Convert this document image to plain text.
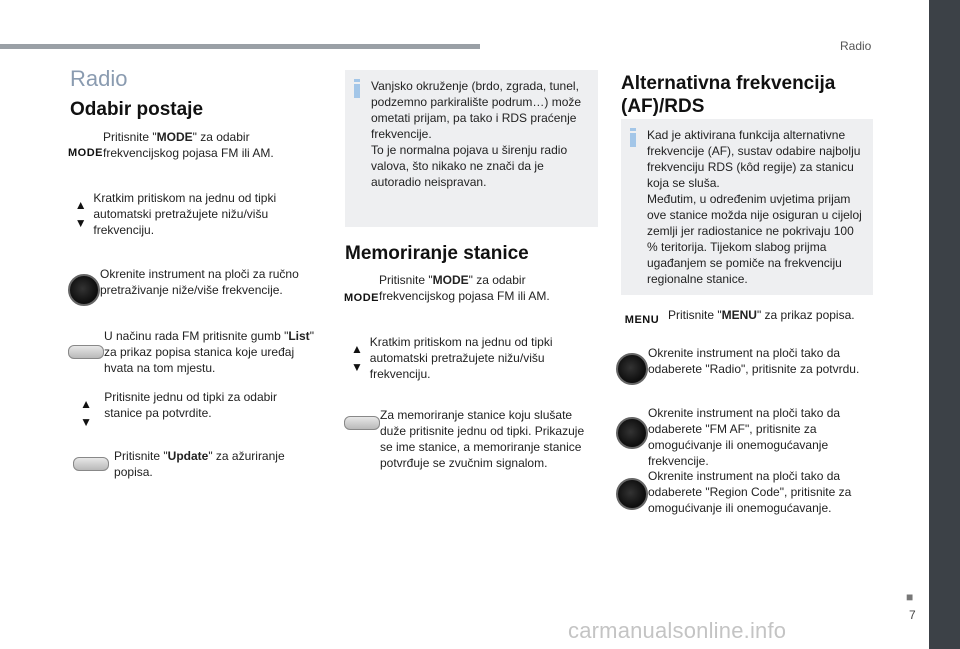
Radio
■
7
carmanualsonline.info
Radio
Odabir postaje
MODE
Pritisnite "MODE" za odabir frekvencijskog pojasa FM ili AM.
▲
▼
Kratkim pritiskom na jednu od tipki automatski pretražujete nižu/višu frekvenciju.
Okrenite instrument na ploči za ručno pretraživanje niže/više frekvencije.
U načinu rada FM pritisnite gumb "List" za prikaz popisa stanica koje uređaj hvata na tom mjestu.
▲
▼
Pritisnite jednu od tipki za odabir stanice pa potvrdite.
Pritisnite "Update" za ažuriranje popisa.
Vanjsko okruženje (brdo, zgrada, tunel, podzemno parkiralište podrum…) može ometati prijam, pa tako i RDS praćenje frekvencije.
To je normalna pojava u širenju radio valova, što nikako ne znači da je autoradio neispravan.
Memoriranje stanice
MODE
Pritisnite "MODE" za odabir frekvencijskog pojasa FM ili AM.
▲
▼
Kratkim pritiskom na jednu od tipki automatski pretražujete nižu/višu frekvenciju.
Za memoriranje stanice koju slušate duže pritisnite jednu od tipki. Prikazuje se ime stanice, a memoriranje stanice potvrđuje se zvučnim signalom.
Alternativna frekvencija
(AF)/RDS
Kad je aktivirana funkcija alternativne frekvencije (AF), sustav odabire najbolju frekvenciju RDS (kôd regije) za stanicu koja se sluša.
Međutim, u određenim uvjetima prijam ove stanice možda nije osiguran u cijeloj zemlji jer radiostanice ne pokrivaju 100 % teritorija. Tijekom slabog prijma ugađanjem se pomiče na frekvenciju regionalne stanice.
MENU Pritisnite "MENU" za prikaz popisa.
Okrenite instrument na ploči tako da odaberete "Radio", pritisnite za potvrdu.
Okrenite instrument na ploči tako da odaberete "FM AF", pritisnite za omogućivanje ili onemogućavanje frekvencije.
Okrenite instrument na ploči tako da odaberete "Region Code", pritisnite za omogućivanje ili onemogućavanje.
